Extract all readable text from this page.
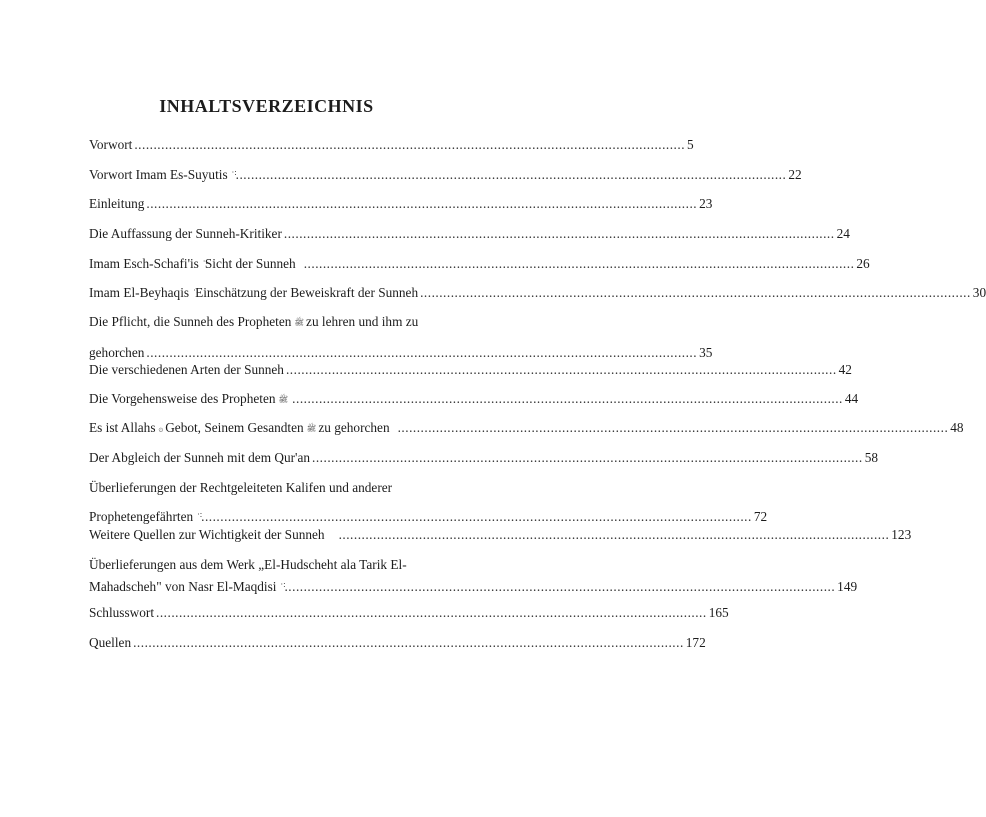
INHALTSVERZEICHNIS
Vorwort ................................................................................................................................................ 5
Vorwort Imam Es-Suyutis ................................................................................................................................................ 22
Einleitung ................................................................................................................................................ 23
Die Auffassung der Sunneh-Kritiker ................................................................................................................................................ 24
Imam Esch-Schafi'is Sicht der Sunneh ................................................................................................................................................ 26
Imam El-Beyhaqis Einschätzung der Beweiskraft der Sunneh ................................................................................................................................................ 30
Die Pflicht, die Sunneh des Propheten ﷺ zu lehren und ihm zu
gehorchen ................................................................................................................................................ 35
Die verschiedenen Arten der Sunneh ................................................................................................................................................ 42
Die Vorgehensweise des Propheten ﷺ ................................................................................................................................................ 44
Es ist Allahs ۞ Gebot, Seinem Gesandten ﷺ zu gehorchen ................................................................................................................................................ 48
Der Abgleich der Sunneh mit dem Qur'an ................................................................................................................................................ 58
Überlieferungen der Rechtgeleiteten Kalifen und anderer
Prophetengefährten ................................................................................................................................................ 72
Weitere Quellen zur Wichtigkeit der Sunneh ................................................................................................................................................ 123
Überlieferungen aus dem Werk „El-Hudscheht ala Tarik El-
Mahadscheh" von Nasr El-Maqdisi ................................................................................................................................................ 149
Schlusswort ................................................................................................................................................ 165
Quellen ................................................................................................................................................ 172
